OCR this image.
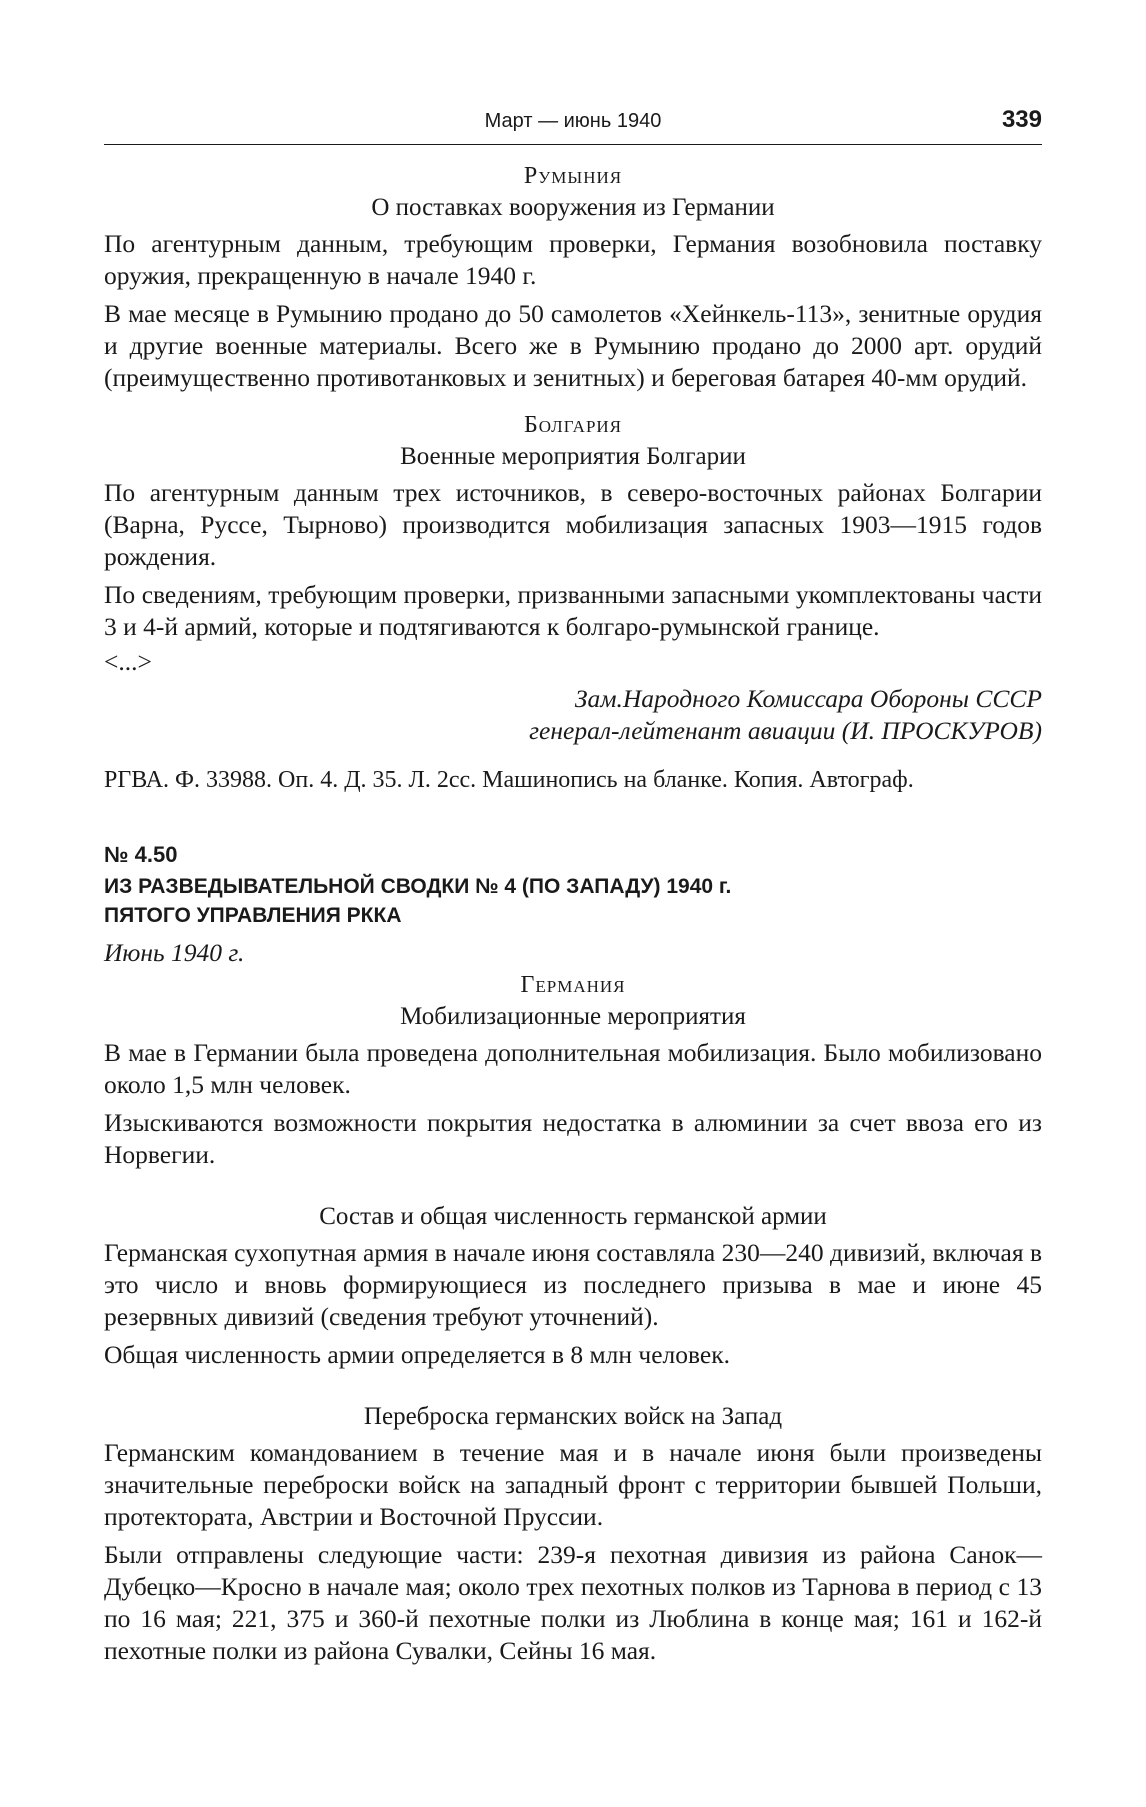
Март — июнь 1940	339
Румыния
О поставках вооружения из Германии

По агентурным данным, требующим проверки, Германия возобновила поставку оружия, прекращенную в начале 1940 г.

В мае месяце в Румынию продано до 50 самолетов «Хейнкель-113», зенитные орудия и другие военные материалы. Всего же в Румынию продано до 2000 арт. орудий (преимущественно противотанковых и зенитных) и береговая батарея 40-мм орудий.

Болгария
Военные мероприятия Болгарии

По агентурным данным трех источников, в северо-восточных районах Болгарии (Варна, Руссе, Тырново) производится мобилизация запасных 1903—1915 годов рождения.

По сведениям, требующим проверки, призванными запасными укомплектованы части 3 и 4-й армий, которые и подтягиваются к болгаро-румынской границе.

<...>
Зам.Народного Комиссара Обороны СССР
генерал-лейтенант авиации (И. ПРОСКУРОВ)
РГВА. Ф. 33988. Оп. 4. Д. 35. Л. 2сс. Машинопись на бланке. Копия. Автограф.
№ 4.50
ИЗ РАЗВЕДЫВАТЕЛЬНОЙ СВОДКИ № 4 (ПО ЗАПАДУ) 1940 г.
ПЯТОГО УПРАВЛЕНИЯ РККА
Июнь 1940 г.
Германия
Мобилизационные мероприятия

В мае в Германии была проведена дополнительная мобилизация. Было мобилизовано около 1,5 млн человек.

Изыскиваются возможности покрытия недостатка в алюминии за счет ввоза его из Норвегии.

Состав и общая численность германской армии

Германская сухопутная армия в начале июня составляла 230—240 дивизий, включая в это число и вновь формирующиеся из последнего призыва в мае и июне 45 резервных дивизий (сведения требуют уточнений).

Общая численность армии определяется в 8 млн человек.

Переброска германских войск на Запад

Германским командованием в течение мая и в начале июня были произведены значительные переброски войск на западный фронт с территории бывшей Польши, протектората, Австрии и Восточной Пруссии.

Были отправлены следующие части: 239-я пехотная дивизия из района Санок—Дубецко—Кросно в начале мая; около трех пехотных полков из Тарнова в период с 13 по 16 мая; 221, 375 и 360-й пехотные полки из Люблина в конце мая; 161 и 162-й пехотные полки из района Сувалки, Сейны 16 мая.
